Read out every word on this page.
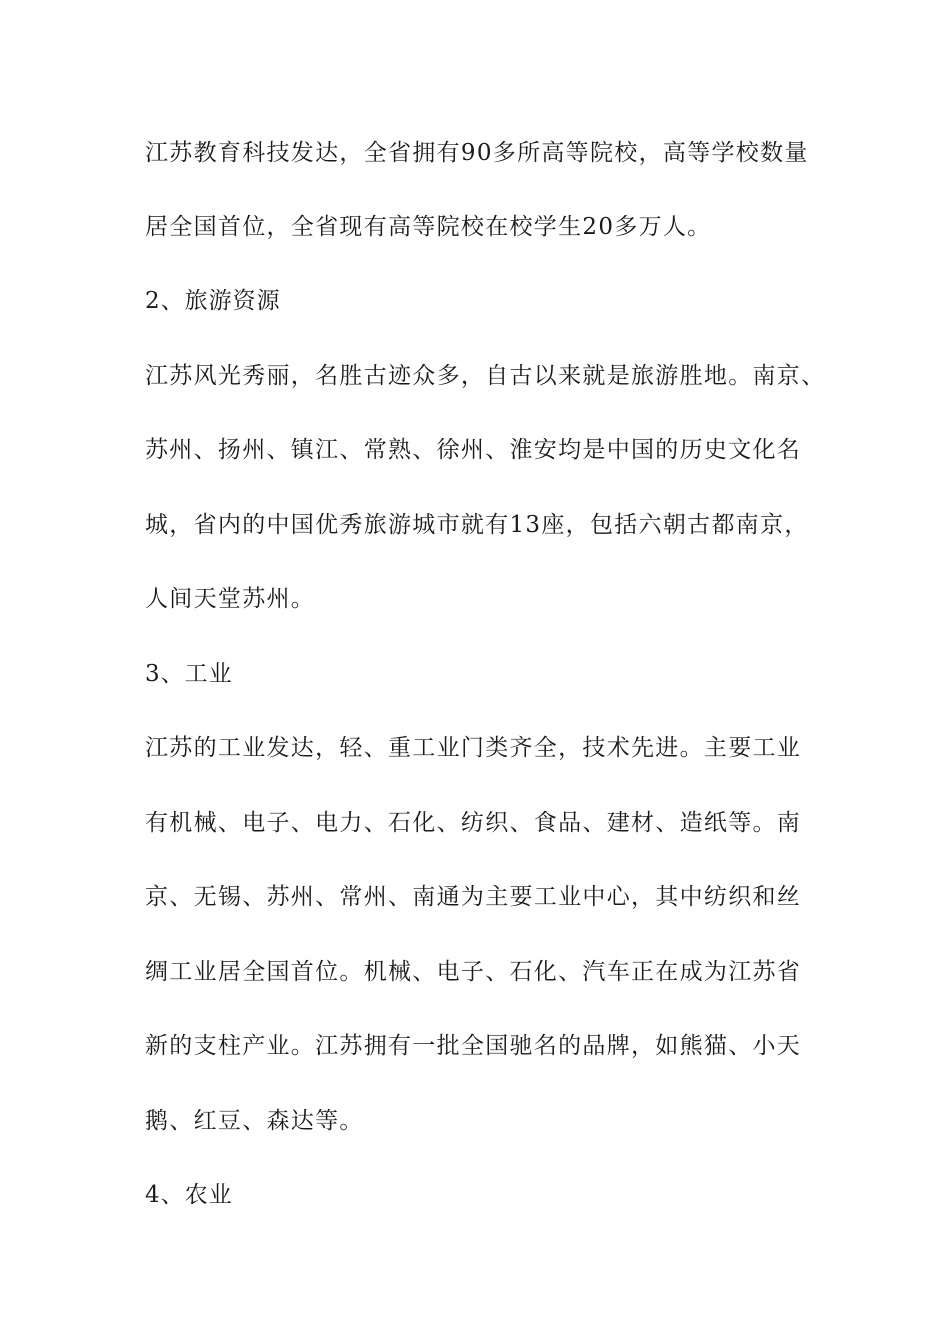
江苏教育科技发达，全省拥有90多所高等院校，高等学校数量
居全国首位，全省现有高等院校在校学生20多万人。
2、旅游资源
江苏风光秀丽，名胜古迹众多，自古以来就是旅游胜地。南京、
苏州、扬州、镇江、常熟、徐州、淮安均是中国的历史文化名
城，省内的中国优秀旅游城市就有13座，包括六朝古都南京，
人间天堂苏州。
3、工业
江苏的工业发达，轻、重工业门类齐全，技术先进。主要工业
有机械、电子、电力、石化、纺织、食品、建材、造纸等。南
京、无锡、苏州、常州、南通为主要工业中心，其中纺织和丝
绸工业居全国首位。机械、电子、石化、汽车正在成为江苏省
新的支柱产业。江苏拥有一批全国驰名的品牌，如熊猫、小天
鹅、红豆、森达等。
4、农业
